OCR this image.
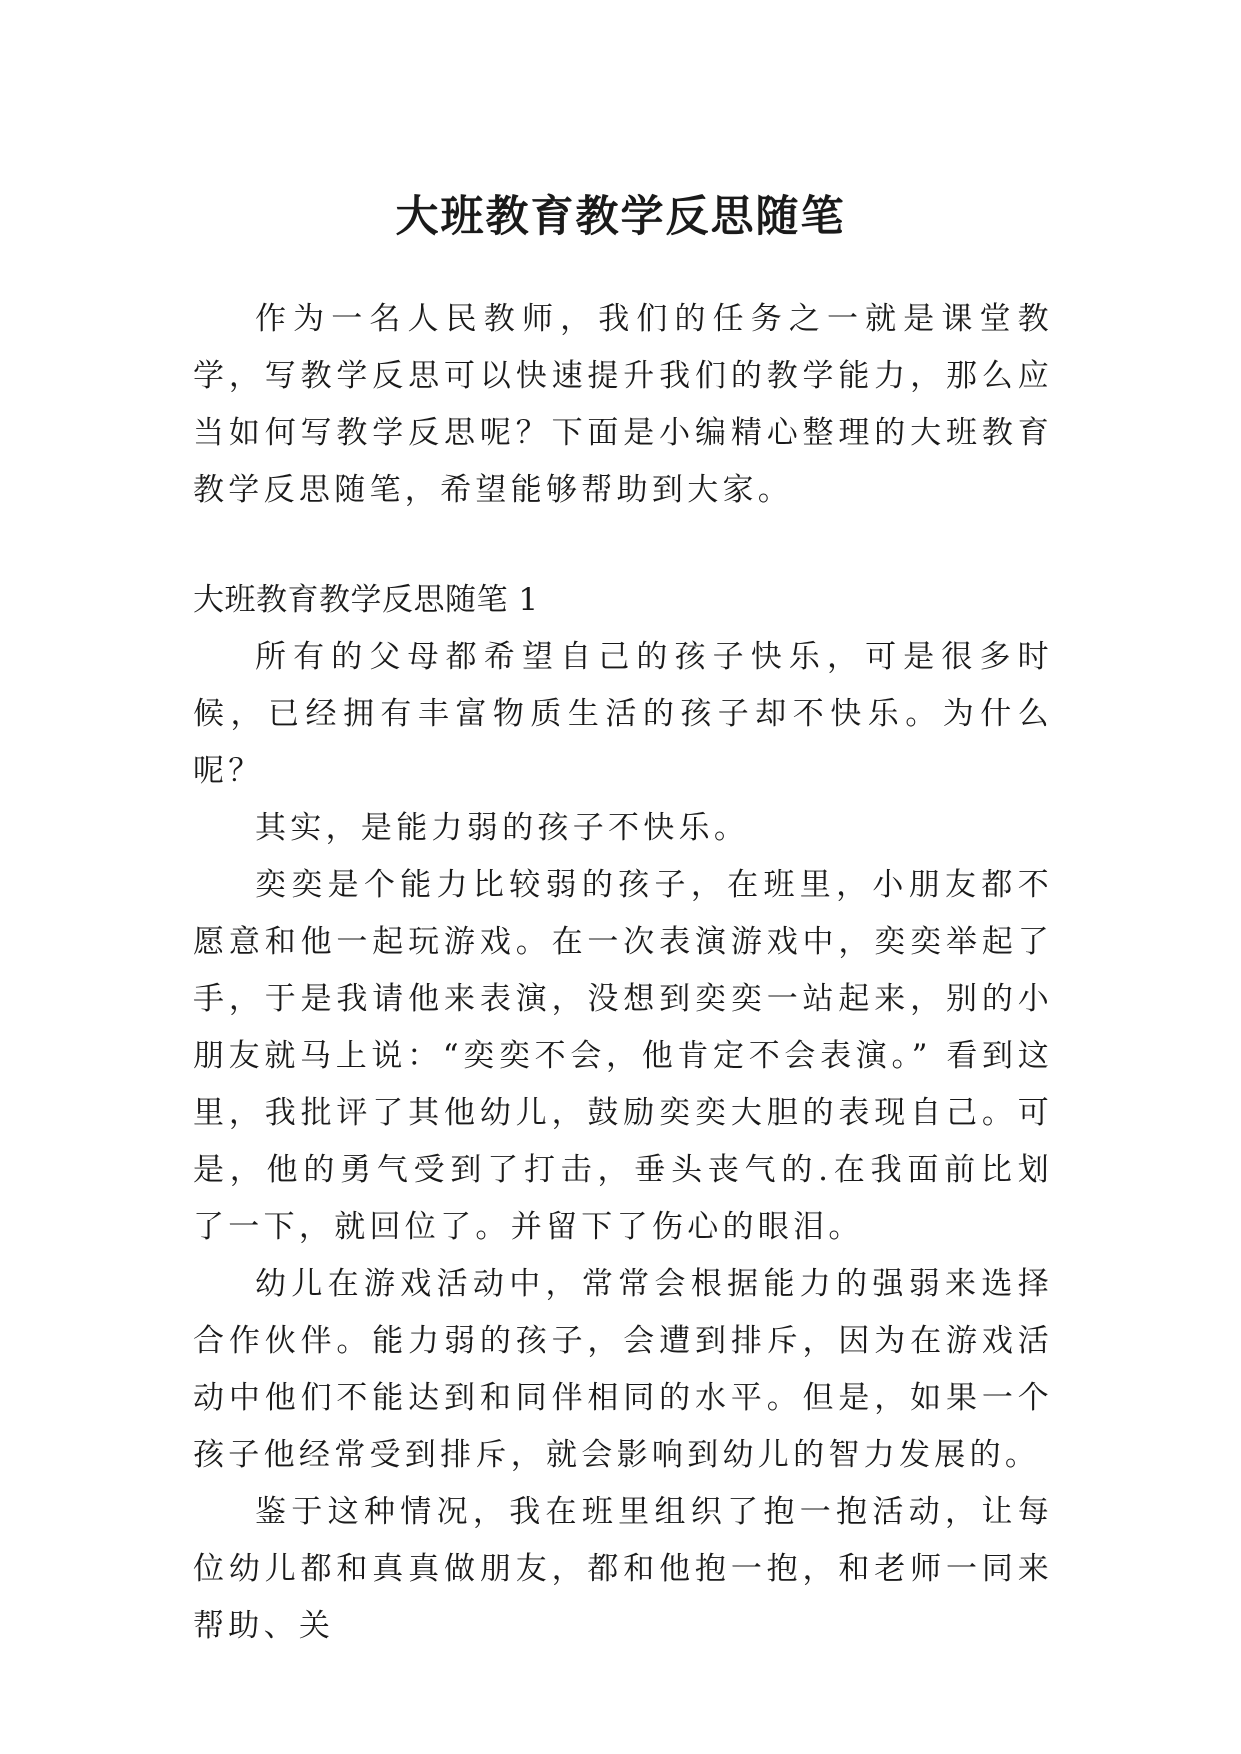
大班教育教学反思随笔

作为一名人民教师，我们的任务之一就是课堂教学，写教学反思可以快速提升我们的教学能力，那么应当如何写教学反思呢？下面是小编精心整理的大班教育教学反思随笔，希望能够帮助到大家。

大班教育教学反思随笔 1

所有的父母都希望自己的孩子快乐，可是很多时候，已经拥有丰富物质生活的孩子却不快乐。为什么呢？

其实，是能力弱的孩子不快乐。

奕奕是个能力比较弱的孩子，在班里，小朋友都不愿意和他一起玩游戏。在一次表演游戏中，奕奕举起了手，于是我请他来表演，没想到奕奕一站起来，别的小朋友就马上说：“奕奕不会，他肯定不会表演。” 看到这里，我批评了其他幼儿，鼓励奕奕大胆的表现自己。可是，他的勇气受到了打击，垂头丧气的.在我面前比划了一下，就回位了。并留下了伤心的眼泪。

幼儿在游戏活动中，常常会根据能力的强弱来选择合作伙伴。能力弱的孩子，会遭到排斥，因为在游戏活动中他们不能达到和同伴相同的水平。但是，如果一个孩子他经常受到排斥，就会影响到幼儿的智力发展的。

鉴于这种情况，我在班里组织了抱一抱活动，让每位幼儿都和真真做朋友，都和他抱一抱，和老师一同来帮助、关
